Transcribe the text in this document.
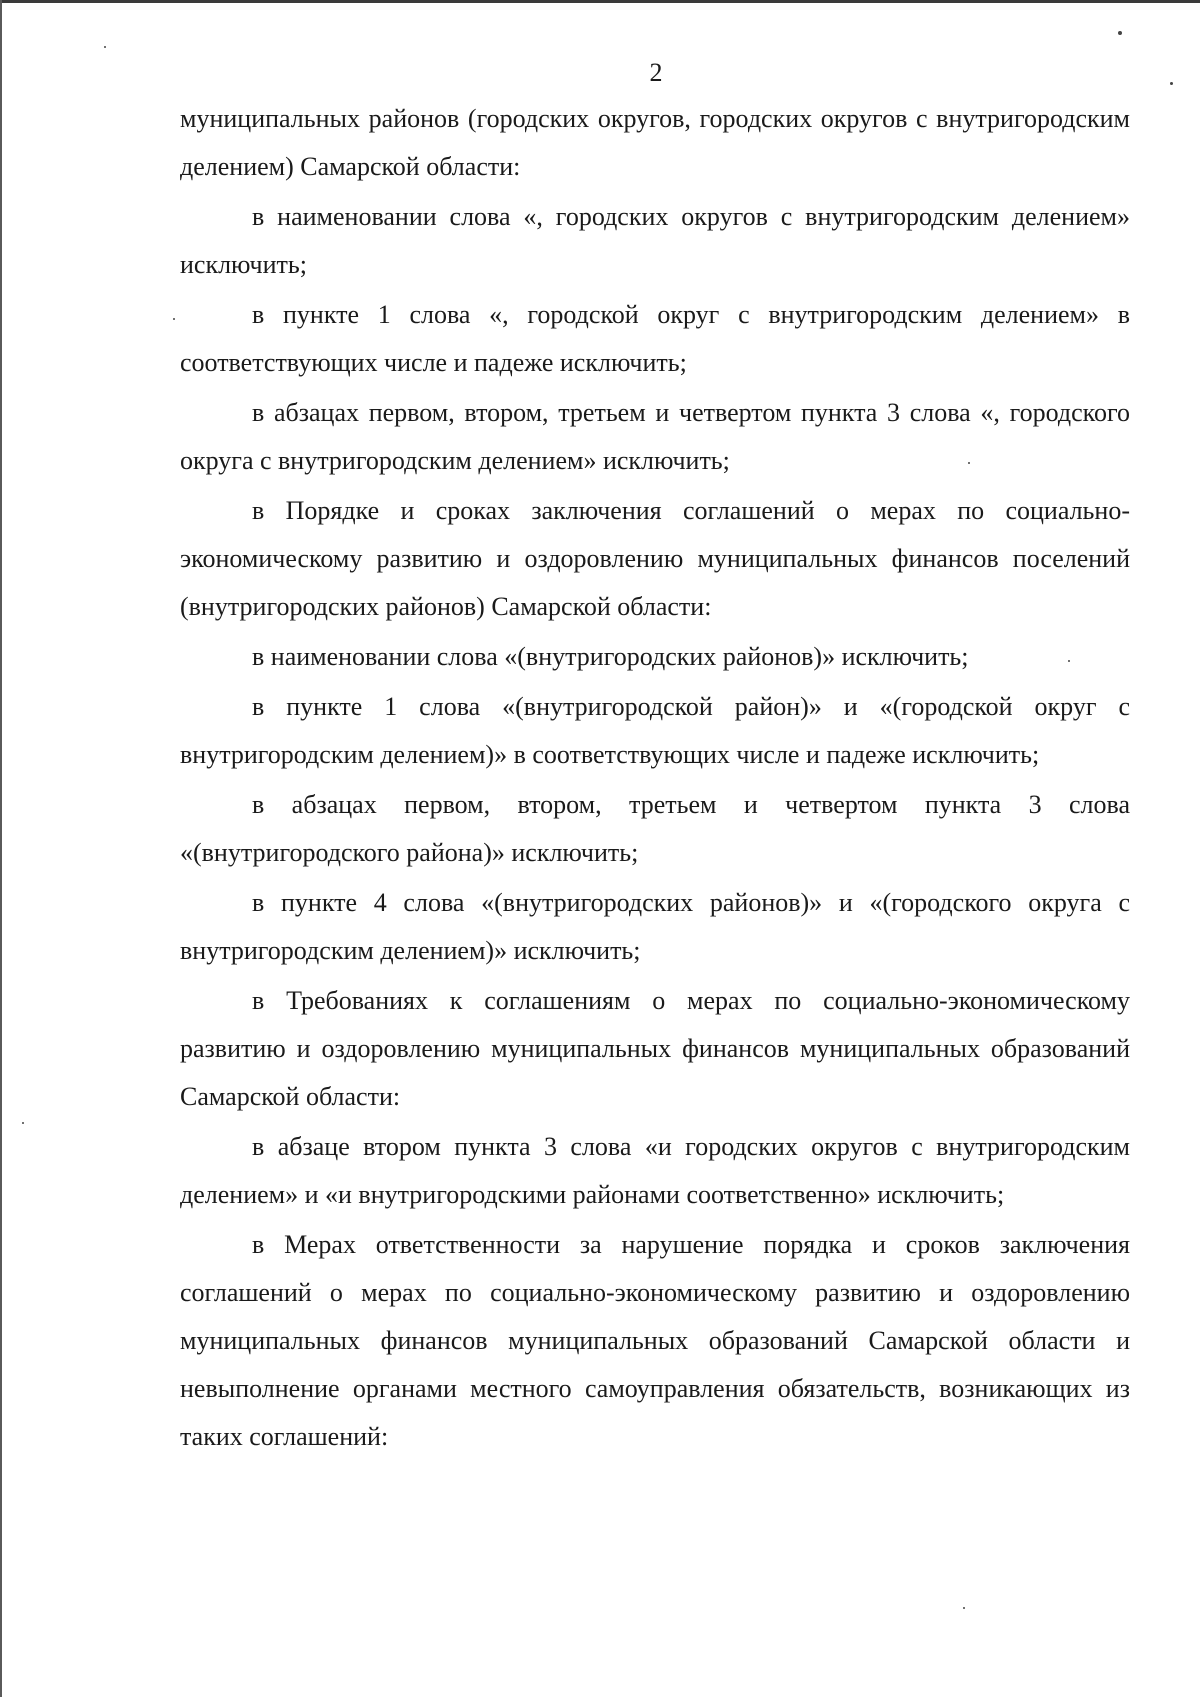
2

муниципальных районов (городских округов, городских округов с внутригородским делением) Самарской области:

в наименовании слова «, городских округов с внутригородским делением» исключить;

в пункте 1 слова «, городской округ с внутригородским делением» в соответствующих числе и падеже исключить;

в абзацах первом, втором, третьем и четвертом пункта 3 слова «, городского округа с внутригородским делением» исключить;

в Порядке и сроках заключения соглашений о мерах по социально-экономическому развитию и оздоровлению муниципальных финансов поселений (внутригородских районов) Самарской области:

в наименовании слова «(внутригородских районов)» исключить;

в пункте 1 слова «(внутригородской район)» и «(городской округ с внутригородским делением)» в соответствующих числе и падеже исключить;

в абзацах первом, втором, третьем и четвертом пункта 3 слова «(внутригородского района)» исключить;

в пункте 4 слова «(внутригородских районов)» и «(городского округа с внутригородским делением)» исключить;

в Требованиях к соглашениям о мерах по социально-экономическому развитию и оздоровлению муниципальных финансов муниципальных образований Самарской области:

в абзаце втором пункта 3 слова «и городских округов с внутригородским делением» и «и внутригородскими районами соответственно» исключить;

в Мерах ответственности за нарушение порядка и сроков заключения соглашений о мерах по социально-экономическому развитию и оздоровлению муниципальных финансов муниципальных образований Самарской области и невыполнение органами местного самоуправления обязательств, возникающих из таких соглашений:
